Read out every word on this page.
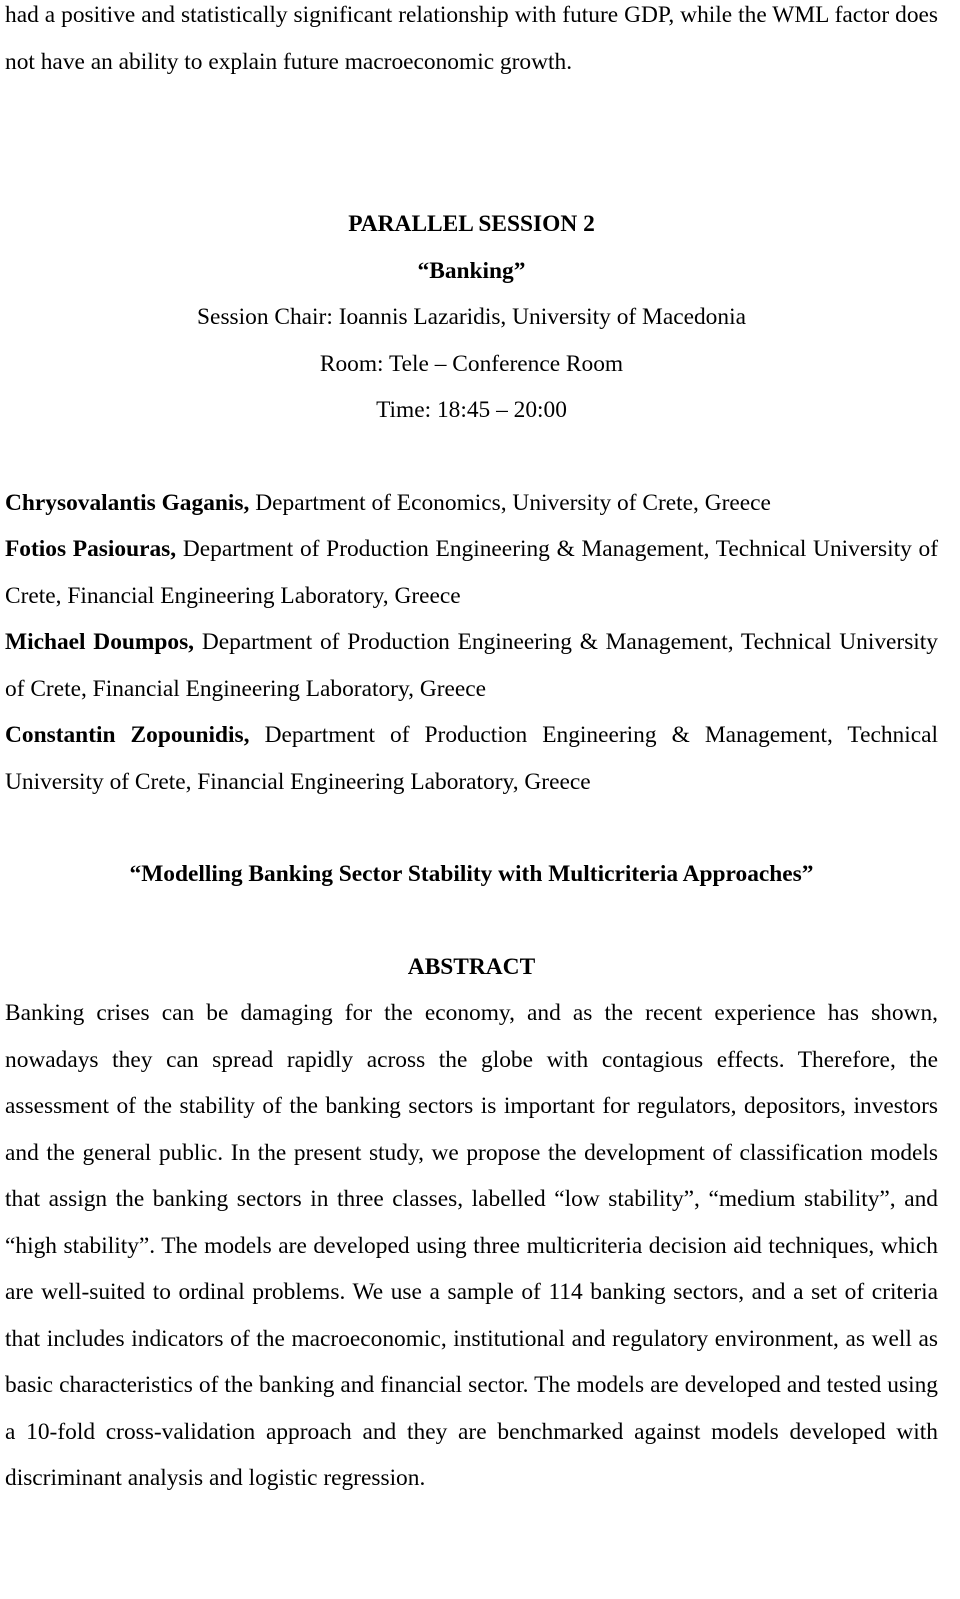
had a positive and statistically significant relationship with future GDP, while the WML factor does not have an ability to explain future macroeconomic growth.

PARALLEL SESSION 2
“Banking”
Session Chair: Ioannis Lazaridis, University of Macedonia
Room: Tele – Conference Room
Time: 18:45 – 20:00

Chrysovalantis Gaganis, Department of Economics, University of Crete, Greece

Fotios Pasiouras, Department of Production Engineering & Management, Technical University of Crete, Financial Engineering Laboratory, Greece

Michael Doumpos, Department of Production Engineering & Management, Technical University of Crete, Financial Engineering Laboratory, Greece

Constantin Zopounidis, Department of Production Engineering & Management, Technical University of Crete, Financial Engineering Laboratory, Greece

“Modelling Banking Sector Stability with Multicriteria Approaches”
ABSTRACT

Banking crises can be damaging for the economy, and as the recent experience has shown, nowadays they can spread rapidly across the globe with contagious effects. Therefore, the assessment of the stability of the banking sectors is important for regulators, depositors, investors and the general public. In the present study, we propose the development of classification models that assign the banking sectors in three classes, labelled “low stability”, “medium stability”, and “high stability”. The models are developed using three multicriteria decision aid techniques, which are well-suited to ordinal problems. We use a sample of 114 banking sectors, and a set of criteria that includes indicators of the macroeconomic, institutional and regulatory environment, as well as basic characteristics of the banking and financial sector. The models are developed and tested using a 10-fold cross-validation approach and they are benchmarked against models developed with discriminant analysis and logistic regression.
